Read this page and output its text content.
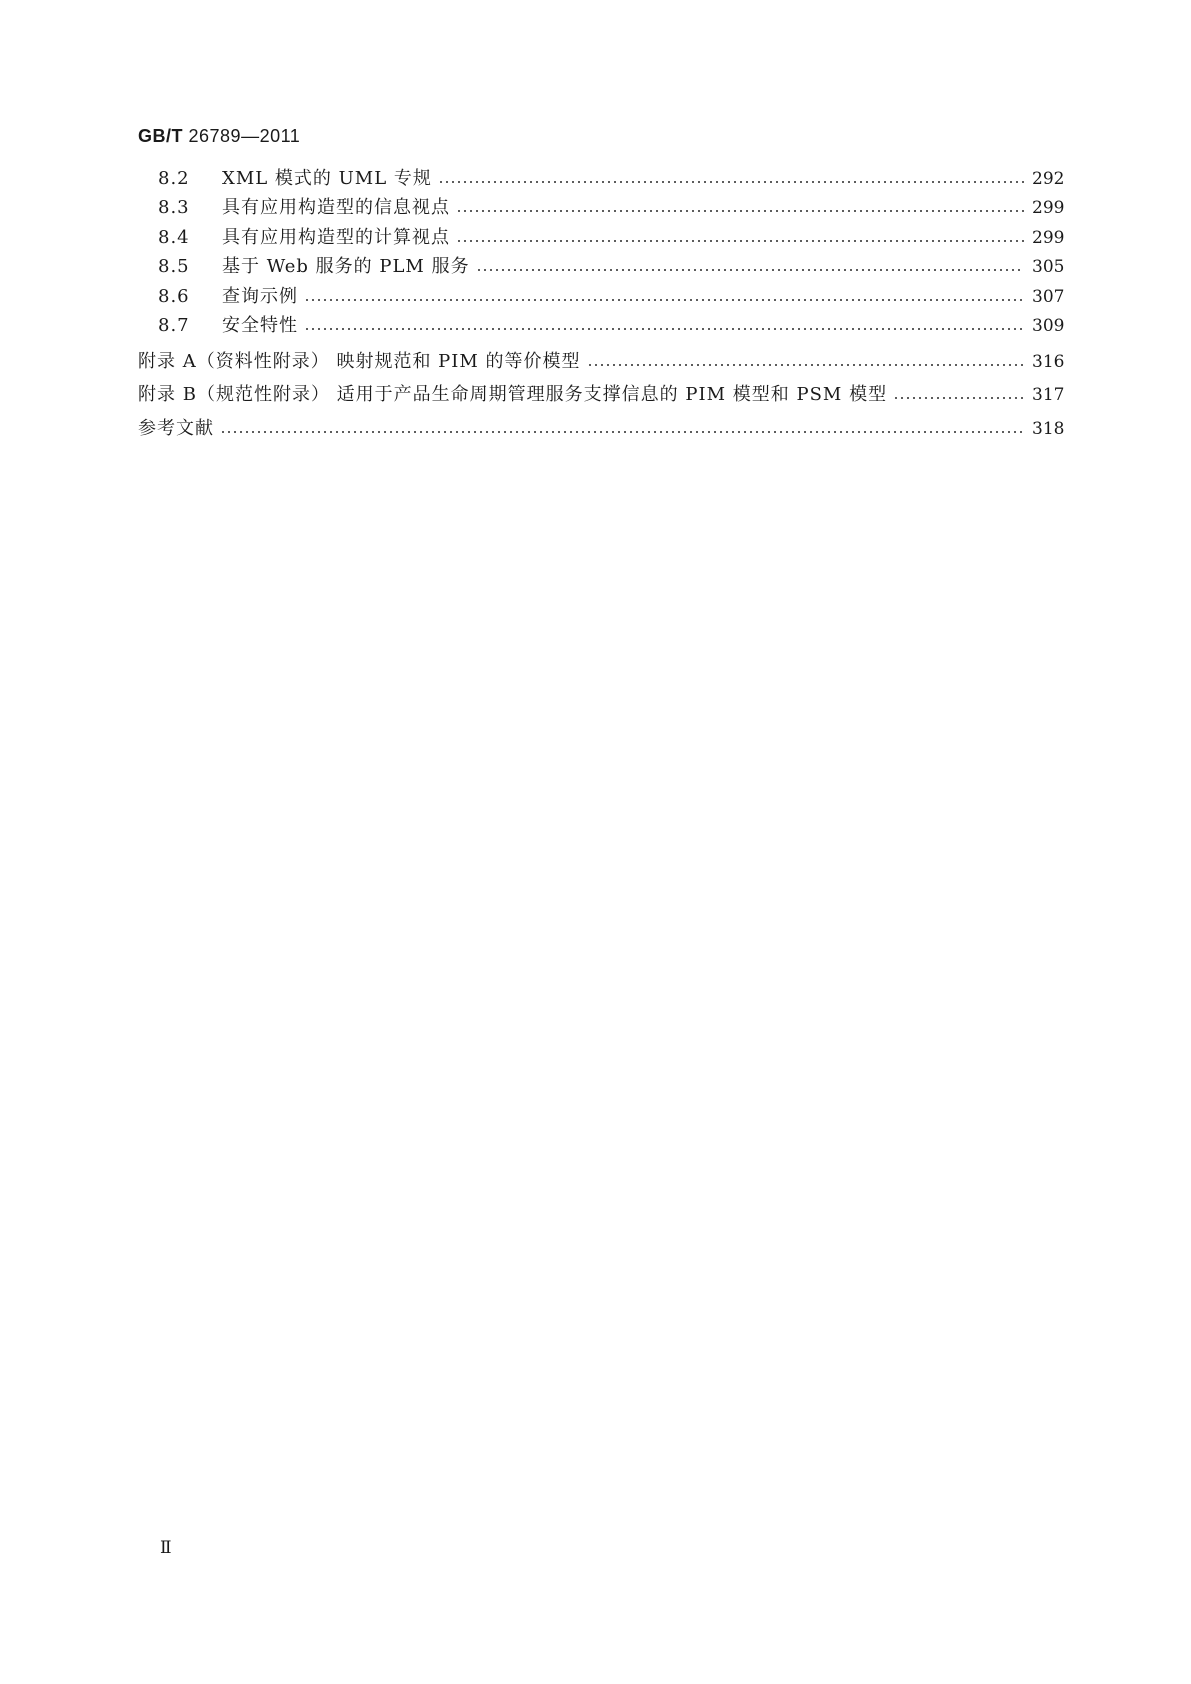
GB/T 26789—2011
8.2	XML 模式的 UML 专规	292
8.3	具有应用构造型的信息视点	299
8.4	具有应用构造型的计算视点	299
8.5	基于 Web 服务的 PLM 服务	305
8.6	查询示例	307
8.7	安全特性	309
附录 A（资料性附录） 映射规范和 PIM 的等价模型	316
附录 B（规范性附录） 适用于产品生命周期管理服务支撑信息的 PIM 模型和 PSM 模型	317
参考文献	318
Ⅱ
